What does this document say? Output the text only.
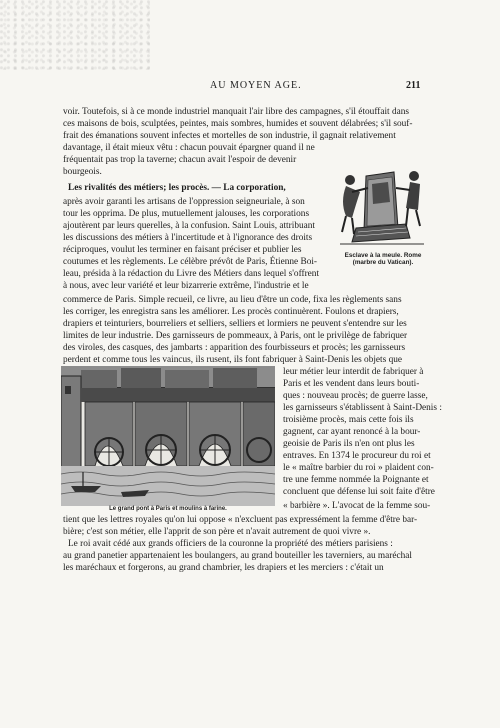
AU MOYEN AGE.	211
voir. Toutefois, si à ce monde industriel manquait l'air libre des campagnes, s'il étouffait dans
ces maisons de bois, sculptées, peintes, mais sombres, humides et souvent délabrées; s'il souf-
frait des émanations souvent infectes et mortelles de son industrie, il gagnait relativement
davantage, il était mieux vêtu : chacun pouvait épargner quand il ne
fréquentait pas trop la taverne; chacun avait l'espoir de devenir
bourgeois.
Les rivalités des métiers; les procès. — La corporation,
après avoir garanti les artisans de l'oppression seigneuriale, à son
tour les opprima. De plus, mutuellement jalouses, les corporations
ajoutèrent par leurs querelles, à la confusion. Saint Louis, attribuant
les discussions des métiers à l'incertitude et à l'ignorance des droits
réciproques, voulut les terminer en faisant préciser et publier les
coutumes et les règlements. Le célèbre prévôt de Paris, Étienne Boi-
leau, présida à la rédaction du Livre des Métiers dans lequel s'offrent
à nous, avec leur variété et leur bizarrerie extrême, l'industrie et le
commerce de Paris. Simple recueil, ce livre, au lieu d'être un code, fixa les règlements sans
les corriger, les enregistra sans les améliorer. Les procès continuèrent. Foulons et drapiers,
drapiers et teinturiers, bourreliers et selliers, selliers et lormiers ne peuvent s'entendre sur les
limites de leur industrie. Des garnisseurs de pommeaux, à Paris, ont le privilège de fabriquer
des viroles, des casques, des jambarts : apparition des fourbisseurs et procès; les garnisseurs
perdent et comme tous les vaincus, ils rusent, ils font fabriquer à Saint-Denis les objets que
leur métier leur interdit de fabriquer à
Paris et les vendent dans leurs bouti-
ques : nouveau procès; de guerre lasse,
les garnisseurs s'établissent à Saint-Denis :
troisième procès, mais cette fois ils
gagnent, car ayant renoncé à la bour-
geoisie de Paris ils n'en ont plus les
entraves. En 1374 le procureur du roi et
le « maître barbier du roi » plaident con-
tre une femme nommée la Poignante et
concluent que défense lui soit faite d'être
« barbière ». L'avocat de la femme sou-
tient que les lettres royales qu'on lui oppose « n'excluent pas expressément la femme d'être bar-
bière; c'est son métier, elle l'apprit de son père et n'avait autrement de quoi vivre ».
Le roi avait cédé aux grands officiers de la couronne la propriété des métiers parisiens :
au grand panetier appartenaient les boulangers, au grand bouteiller les taverniers, au maréchal
les maréchaux et forgerons, au grand chambrier, les drapiers et les merciers : c'était un
Esclave à la meule. Rome
(marbre du Vatican).
Le grand pont à Paris et moulins à farine.
